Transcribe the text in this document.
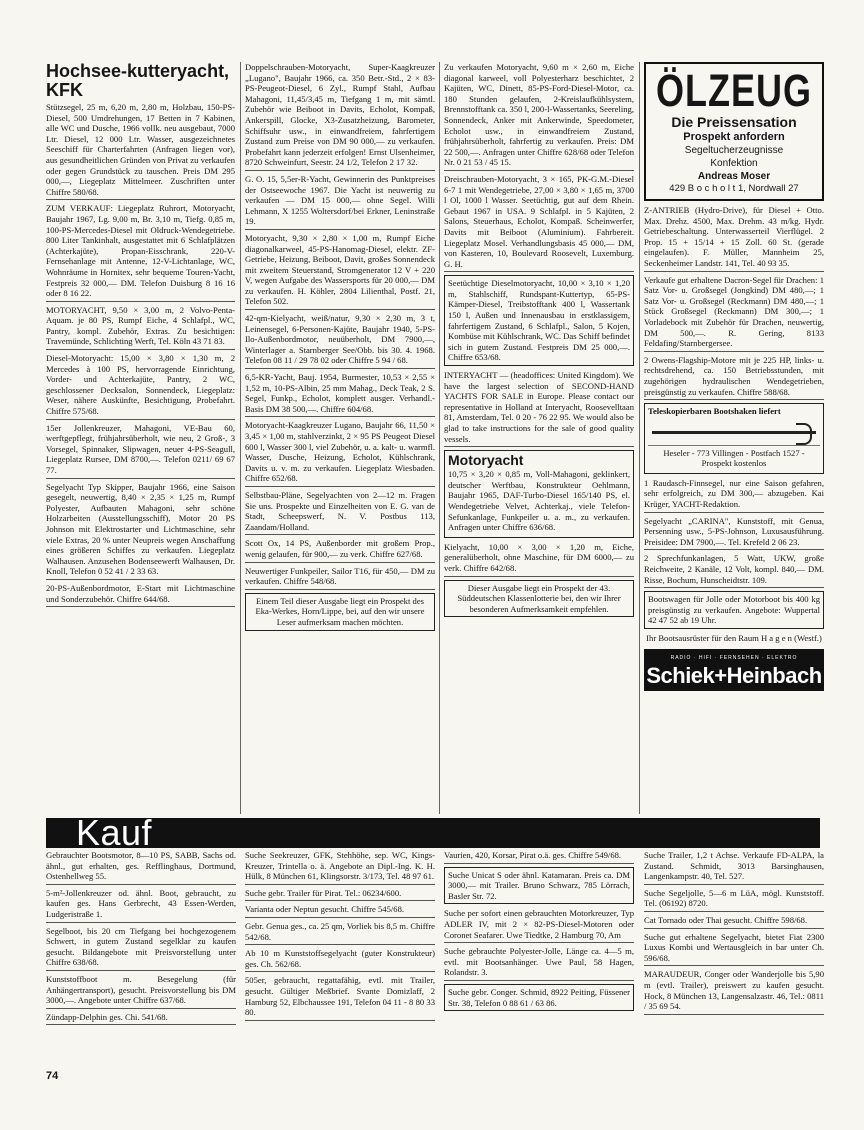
Hochsee-kutteryacht, KFK
Stützsegel, 25 m, 6,20 m, 2,80 m, Holzbau, 150-PS-Diesel, 500 Umdrehungen, 17 Betten in 7 Kabinen, alle WC und Dusche, 1966 vollk. neu ausgebaut, 7000 Ltr. Diesel, 12 000 Ltr. Wasser, ausgezeichnetes Seeschiff für Charterfahrten (Anfragen liegen vor), aus gesundheitlichen Gründen von Privat zu verkaufen oder gegen Grundstück zu tauschen. Preis DM 295 000,—, Liegeplatz Mittelmeer. Zuschriften unter Chiffre 580/68.
ZUM VERKAUF: Liegeplatz Ruhrort, Motoryacht, Baujahr 1967, Lg. 9,00 m, Br. 3,10 m, Tiefg. 0,85 m, 100-PS-Mercedes-Diesel mit Oldruck-Wendegetriebe. 800 Liter Tankinhalt, ausgestattet mit 6 Schlafplätzen (Achterkajüte), Propan-Eisschrank, 220-V-Fernsehanlage mit Antenne, 12-V-Lichtanlage, WC, Wohnräume in Hornitex, sehr bequeme Touren-Yacht, Festpreis 32 000,— DM. Telefon Duisburg 8 16 16 oder 8 16 22.
MOTORYACHT, 9,50 × 3,00 m, 2 Volvo-Penta-Aquam. je 80 PS, Rumpf Eiche, 4 Schlafpl., WC, Pantry, kompl. Zubehör, Extras. Zu besichtigen: Travemünde, Schlichting Werft, Tel. Köln 43 71 83.
Diesel-Motoryacht: 15,00 × 3,80 × 1,30 m, 2 Mercedes à 100 PS, hervorragende Einrichtung, Vorder- und Achterkajüte, Pantry, 2 WC, geschlossener Decksalon, Sonnendeck, Liegeplatz: Weser, nähere Auskünfte, Besichtigung, Probefahrt. Chiffre 575/68.
15er Jollenkreuzer, Mahagoni, VE-Bau 60, werftgepflegt, frühjahrsüberholt, wie neu, 2 Groß-, 3 Vorsegel, Spinnaker, Slipwagen, neuer 4-PS-Seagull, Liegeplatz Rursee, DM 8700,—. Telefon 0211/ 69 67 77.
Segelyacht Typ Skipper, Baujahr 1966, eine Saison gesegelt, neuwertig, 8,40 × 2,35 × 1,25 m, Rumpf Polyester, Aufbauten Mahagoni, sehr schöne Holzarbeiten (Ausstellungsschiff), Motor 20 PS Johnson mit Elektrostarter und Lichtmaschine, sehr viele Extras, 20 % unter Neupreis wegen Anschaffung eines größeren Schiffes zu verkaufen. Liegeplatz Walhausen. Anzusehen Bodenseewerft Walhausen, Dr. Knoll, Telefon 0 52 41 / 2 33 63.
20-PS-Außenbordmotor, E-Start mit Lichtmaschine und Sonderzubehör. Chiffre 644/68.
Doppelschrauben-Motoryacht, Super-Kaagkreuzer „Lugano", Baujahr 1966, ca. 350 Betr.-Std., 2 × 83-PS-Peugeot-Diesel, 6 Zyl., Rumpf Stahl, Aufbau Mahagoni, 11,45/3,45 m, Tiefgang 1 m, mit sämtl. Zubehör wie Beiboot in Davits, Echolot, Kompaß, Ankerspill, Glocke, X3-Zusatzheizung, Barometer, Schiffsuhr usw., in einwandfreiem, fahrfertigem Zustand zum Preise von DM 90 000,— zu verkaufen. Probefahrt kann jederzeit erfolgen! Ernst Ulsenheimer, 8720 Schweinfurt, Seestr. 24 1/2, Telefon 2 17 32.
G. O. 15, 5,5er-R-Yacht, Gewinnerin des Punktpreises der Ostseewoche 1967. Die Yacht ist neuwertig zu verkaufen — DM 15 000,— ohne Segel. Willi Lehmann, X 1255 Woltersdorf/bei Erkner, Leninstraße 19.
Motoryacht, 9,30 × 2,80 × 1,00 m, Rumpf Eiche diagonalkarweel, 45-PS-Hanomag-Diesel, elektr. ZF-Getriebe, Heizung, Beiboot, Davit, großes Sonnendeck mit zweitem Steuerstand, Stromgenerator 12 V + 220 V, wegen Aufgabe des Wassersports für 20 000,— DM zu verkaufen. H. Köhler, 2804 Lilienthal, Postf. 21, Telefon 502.
42-qm-Kielyacht, weiß/natur, 9,30 × 2,30 m, 3 t, Leinensegel, 6-Personen-Kajüte, Baujahr 1940, 5-PS-Ilo-Außenbordmotor, neuüberholt, DM 7900,—, Winterlager a. Starnberger See/Obb. bis 30. 4. 1968. Telefon 08 11 / 29 78 02 oder Chiffre 5 94 / 68.
6,5-KR-Yacht, Bauj. 1954, Burmester, 10,53 × 2,55 × 1,52 m, 10-PS-Albin, 25 mm Mahag., Deck Teak, 2 S. Segel, Funkp., Echolot, komplett ausger. Verhandl.-Basis DM 38 500,—. Chiffre 604/68.
Motoryacht-Kaagkreuzer Lugano, Baujahr 66, 11,50 × 3,45 × 1,00 m, stahlverzinkt, 2 × 95 PS Peugeot Diesel 600 l, Wasser 300 l, viel Zubehör, u. a. kalt- u. warmfl. Wasser, Dusche, Heizung, Echolot, Kühlschrank, Davits u. v. m. zu verkaufen. Liegeplatz Wiesbaden. Chiffre 652/68.
Selbstbau-Pläne, Segelyachten von 2—12 m. Fragen Sie uns. Prospekte und Einzelheiten von E. G. van de Stadt, Scheepswerf, N. V. Postbus 113, Zaandam/Holland.
Scott Ox, 14 PS, Außenborder mit großem Prop., wenig gelaufen, für 900,— zu verk. Chiffre 627/68.
Neuwertiger Funkpeiler, Sailor T16, für 450,— DM zu verkaufen. Chiffre 548/68.
Einem Teil dieser Ausgabe liegt ein Prospekt des Eka-Werkes, Horn/Lippe, bei, auf den wir unsere Leser aufmerksam machen möchten.
Zu verkaufen Motoryacht, 9,60 m × 2,60 m, Eiche diagonal karweel, voll Polyesterharz beschichtet, 2 Kajüten, WC, Dinett, 85-PS-Ford-Diesel-Motor, ca. 180 Stunden gelaufen, 2-Kreislaufkühlsystem, Brennstofftank ca. 350 l, 200-l-Wassertanks, Seereling, Sonnendeck, Anker mit Ankerwinde, Speedometer, Echolot usw., in einwandfreiem Zustand, frühjahrsüberholt, fahrfertig zu verkaufen. Preis: DM 22 500,—. Anfragen unter Chiffre 628/68 oder Telefon Nr. 0 21 53 / 45 15.
Dreischrauben-Motoryacht, 3 × 165, PK-G.M.-Diesel 6-7 1 mit Wendegetriebe, 27,00 × 3,80 × 1,65 m, 3700 l Ol, 1000 l Wasser. Seetüchtig, gut auf dem Rhein. Gebaut 1967 in USA. 9 Schlafpl. in 5 Kajüten, 2 Salons, Steuerhaus, Echolot, Kompaß. Scheinwerfer, Davits mit Beiboot (Aluminium). Fahrbereit. Liegeplatz Mosel. Verhandlungsbasis 45 000,— DM, von Kasteren, 10, Boulevard Roosevelt, Luxemburg. G. H.
Seetüchtige Dieselmotoryacht, 10,00 × 3,10 × 1,20 m, Stahlschiff, Rundspant-Kuttertyp, 65-PS-Kämper-Diesel, Treibstofftank 400 l, Wassertank 150 l, Außen und Innenausbau in erstklassigem, fahrfertigem Zustand, 6 Schlafpl., Salon, 5 Kojen, Kombüse mit Kühlschrank, WC. Das Schiff befindet sich in gutem Zustand. Festpreis DM 25 000,—. Chiffre 653/68.
INTERYACHT — (headoffices: United Kingdom). We have the largest selection of SECOND-HAND YACHTS FOR SALE in Europe. Please contact our representative in Holland at Interyacht, Roosevelltaan 81, Amsterdam, Tel. 0 20 - 76 22 95. We would also be glad to take instructions for the sale of good quality vessels.
Motoryacht
10,75 × 3,20 × 0,85 m, Voll-Mahagoni, geklinkert, deutscher Werftbau, Konstrukteur Oehlmann, Baujahr 1965, DAF-Turbo-Diesel 165/140 PS, el. Wendegetriebe Velvet, Achterkaj., viele Telefon-Sefunkanlage, Funkpeiler u. a. m., zu verkaufen. Anfragen unter Chiffre 636/68.
Kielyacht, 10,00 × 3,00 × 1,20 m, Eiche, generalüberholt, ohne Maschine, für DM 6000,— zu verk. Chiffre 642/68.
Dieser Ausgabe liegt ein Prospekt der 43. Süddeutschen Klassenlotterie bei, den wir Ihrer besonderen Aufmerksamkeit empfehlen.
ÖLZEUG
Die Preissensation
Prospekt anfordern
Segeltucherzeugnisse
Konfektion
Andreas Moser
429 B o c h o l t 1, Nordwall 27
Z-ANTRIEB (Hydro-Drive), für Diesel + Otto. Max. Drehz. 4500, Max. Drehm. 43 m/kg. Hydr. Getriebeschaltung. Unterwasserteil Vierflügel. 2 Prop. 15 + 15/14 + 15 Zoll. 60 St. (gerade eingelaufen). F. Müller, Mannheim 25, Seckenheimer Landstr. 141, Tel. 40 93 35.
Verkaufe gut erhaltene Dacron-Segel für Drachen: 1 Satz Vor- u. Großsegel (Jongkind) DM 480,—; 1 Satz Vor- u. Großsegel (Reckmann) DM 480,—; 1 Stück Großsegel (Reckmann) DM 300,—; 1 Vorladebock mit Zubehör für Drachen, neuwertig, DM 500,—. R. Gering, 8133 Feldafing/Starnbergersee.
2 Owens-Flagship-Motore mit je 225 HP, links- u. rechtsdrehend, ca. 150 Betriebsstunden, mit zugehörigen hydraulischen Wendegetrieben, preisgünstig zu verkaufen. Chiffre 588/68.
Teleskopierbaren Bootshaken liefert
Heseler - 773 Villingen - Postfach 1527 - Prospekt kostenlos
1 Raudasch-Finnsegel, nur eine Saison gefahren, sehr erfolgreich, zu DM 300,— abzugeben. Kai Krüger, YACHT-Redaktion.
Segelyacht „CARINA", Kunststoff, mit Genua, Persenning usw., 5-PS-Johnson, Luxusausführung. Preisidee: DM 7900,—. Tel. Krefeld 2 06 23.
2 Sprechfunkanlagen, 5 Watt, UKW, große Reichweite, 2 Kanäle, 12 Volt, kompl. 840,— DM. Risse, Bochum, Hunscheidtstr. 109.
Bootswagen für Jolle oder Motorboot bis 400 kg preisgünstig zu verkaufen. Angebote: Wuppertal 42 47 52 ab 19 Uhr.
Ihr Bootsausrüster für den Raum H a g e n (Westf.)
RADIO · HIFI · FERNSEHEN · ELEKTRO
Schiek+Heinbach
Kauf
Gebrauchter Bootsmotor, 8—10 PS, SABB, Sachs od. ähnl., gut erhalten, ges. Refflinghaus, Dortmund, Ostenhellweg 55.
5-m²-Jollenkreuzer od. ähnl. Boot, gebraucht, zu kaufen ges. Hans Gerbrecht, 43 Essen-Werden, Ludgeristraße 1.
Segelboot, bis 20 cm Tiefgang bei hochgezogenem Schwert, in gutem Zustand segelklar zu kaufen gesucht. Bildangebote mit Preisvorstellung unter Chiffre 638/68.
Kunststoffboot m. Besegelung (für Anhängertransport), gesucht. Preisvorstellung bis DM 3000,—. Angebote unter Chiffre 637/68.
Zündapp-Delphin ges. Chi. 541/68.
Suche Seekreuzer, GFK, Stehhöhe, sep. WC, Kings-Kreuzer, Trintella o. ä. Angebote an Dipl.-Ing. K. H. Hülk, 8 München 61, Klingsorstr. 3/173, Tel. 48 97 61.
Suche gebr. Trailer für Pirat. Tel.: 06234/600.
Varianta oder Neptun gesucht. Chiffre 545/68.
Gebr. Genua ges., ca. 25 qm, Vorliek bis 8,5 m. Chiffre 542/68.
Ab 10 m Kunststoffsegelyacht (guter Konstrukteur) ges. Ch. 562/68.
505er, gebraucht, regattafähig, evtl. mit Trailer, gesucht. Gültiger Meßbrief. Svante Domizlaff, 2 Hamburg 52, Elbchaussee 191, Telefon 04 11 - 8 80 33 80.
Vaurien, 420, Korsar, Pirat o.ä. ges. Chiffre 549/68.
Suche Unicat S oder ähnl. Katamaran. Preis ca. DM 3000,— mit Trailer. Bruno Schwarz, 785 Lörrach, Basler Str. 72.
Suche per sofort einen gebrauchten Motorkreuzer, Typ ADLER IV, mit 2 × 82-PS-Diesel-Motoren oder Coronet Seafarer. Uwe Tiedtke, 2 Hamburg 70, Am
Suche gebrauchte Polyester-Jolle, Länge ca. 4—5 m, evtl. mit Bootsanhänger. Uwe Paul, 58 Hagen, Rolandstr. 3.
Suche gebr. Conger. Schmid, 8922 Peiting, Füssener Str. 38, Telefon 0 88 61 / 63 86.
Suche Trailer, 1,2 t Achse. Verkaufe FD-ALPA, la Zustand. Schmidt, 3013 Barsinghausen, Langenkampstr. 40, Tel. 527.
Suche Segeljolle, 5—6 m LüA, mögl. Kunststoff. Tel. (06192) 8720.
Cat Tornado oder Thai gesucht. Chiffre 598/68.
Suche gut erhaltene Segelyacht, bietet Fiat 2300 Luxus Kombi und Wertausgleich in bar unter Ch. 596/68.
MARAUDEUR, Conger oder Wanderjolle bis 5,90 m (evtl. Trailer), preiswert zu kaufen gesucht. Hock, 8 München 13, Langensalzastr. 46, Tel.: 0811 / 35 69 54.
74
